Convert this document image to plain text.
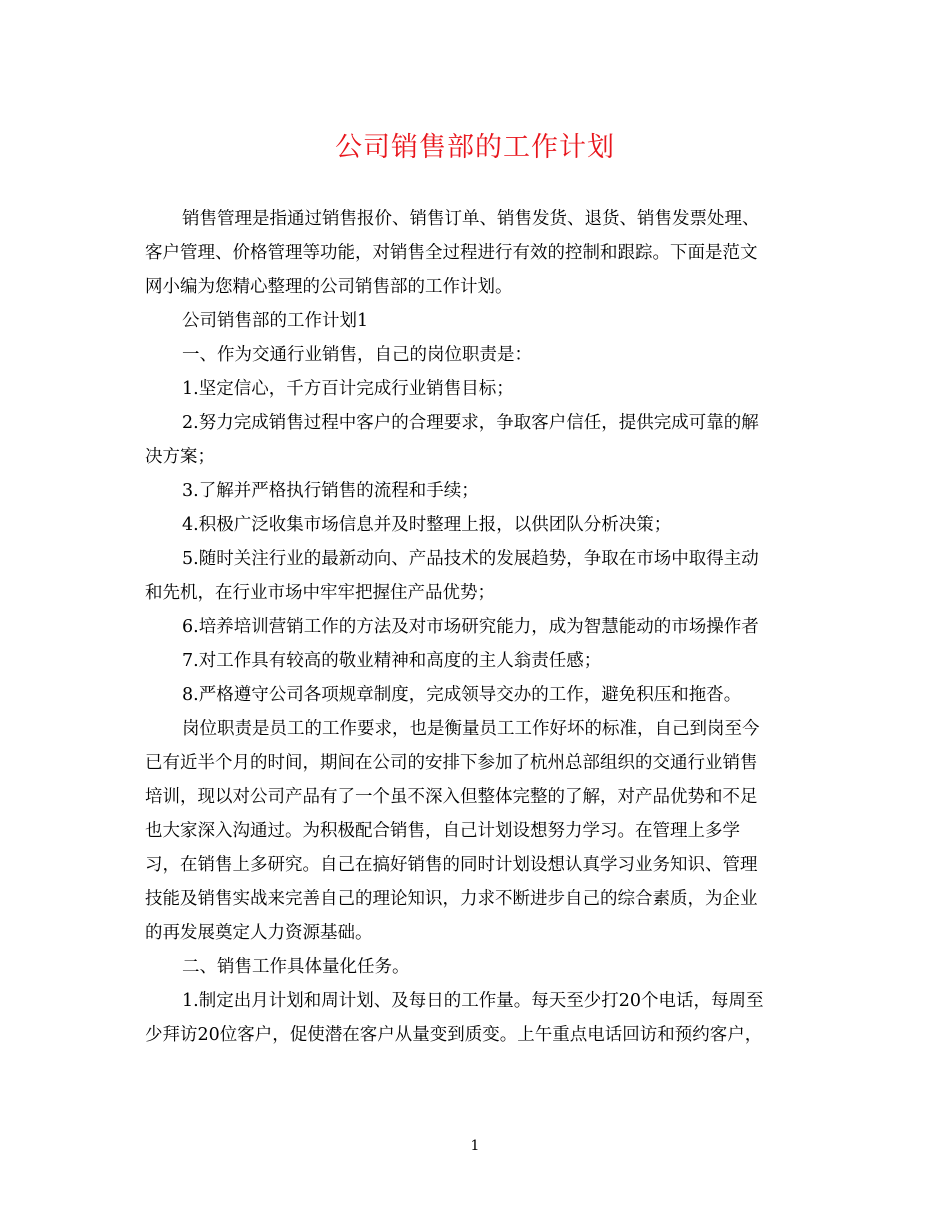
公司销售部的工作计划
销售管理是指通过销售报价、销售订单、销售发货、退货、销售发票处理、
客户管理、价格管理等功能，对销售全过程进行有效的控制和跟踪。下面是范文
网小编为您精心整理的公司销售部的工作计划。
公司销售部的工作计划1
一、作为交通行业销售，自己的岗位职责是：
1.坚定信心，千方百计完成行业销售目标；
2.努力完成销售过程中客户的合理要求，争取客户信任，提供完成可靠的解
决方案；
3.了解并严格执行销售的流程和手续；
4.积极广泛收集市场信息并及时整理上报，以供团队分析决策；
5.随时关注行业的最新动向、产品技术的发展趋势，争取在市场中取得主动
和先机，在行业市场中牢牢把握住产品优势；
6.培养培训营销工作的方法及对市场研究能力，成为智慧能动的市场操作者
7.对工作具有较高的敬业精神和高度的主人翁责任感；
8.严格遵守公司各项规章制度，完成领导交办的工作，避免积压和拖沓。
岗位职责是员工的工作要求，也是衡量员工工作好坏的标准，自己到岗至今
已有近半个月的时间，期间在公司的安排下参加了杭州总部组织的交通行业销售
培训，现以对公司产品有了一个虽不深入但整体完整的了解，对产品优势和不足
也大家深入沟通过。为积极配合销售，自己计划设想努力学习。在管理上多学
习，在销售上多研究。自己在搞好销售的同时计划设想认真学习业务知识、管理
技能及销售实战来完善自己的理论知识，力求不断进步自己的综合素质，为企业
的再发展奠定人力资源基础。
二、销售工作具体量化任务。
1.制定出月计划和周计划、及每日的工作量。每天至少打20个电话，每周至
少拜访20位客户，促使潜在客户从量变到质变。上午重点电话回访和预约客户，
1
